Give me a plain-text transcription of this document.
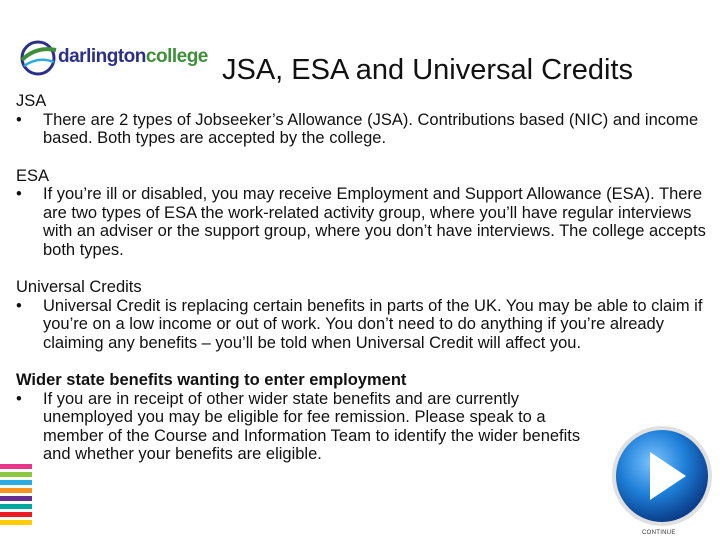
darlingtoncollege JSA, ESA and Universal Credits

JSA

•	There are 2 types of Jobseeker’s Allowance (JSA). Contributions based (NIC) and income based. Both types are accepted by the college.

ESA

•	If you’re ill or disabled, you may receive Employment and Support Allowance (ESA). There are two types of ESA the work-related activity group, where you’ll have regular interviews with an adviser or the support group, where you don’t have interviews. The college accepts both types.

Universal Credits

•	Universal Credit is replacing certain benefits in parts of the UK. You may be able to claim if you’re on a low income or out of work. You don’t need to do anything if you’re already claiming any benefits – you’ll be told when Universal Credit will affect you.

Wider state benefits wanting to enter employment

•	If you are in receipt of other wider state benefits and are currently unemployed you may be eligible for fee remission. Please speak to a member of the Course and Information Team to identify the wider benefits and whether your benefits are eligible.
CONTINUE
